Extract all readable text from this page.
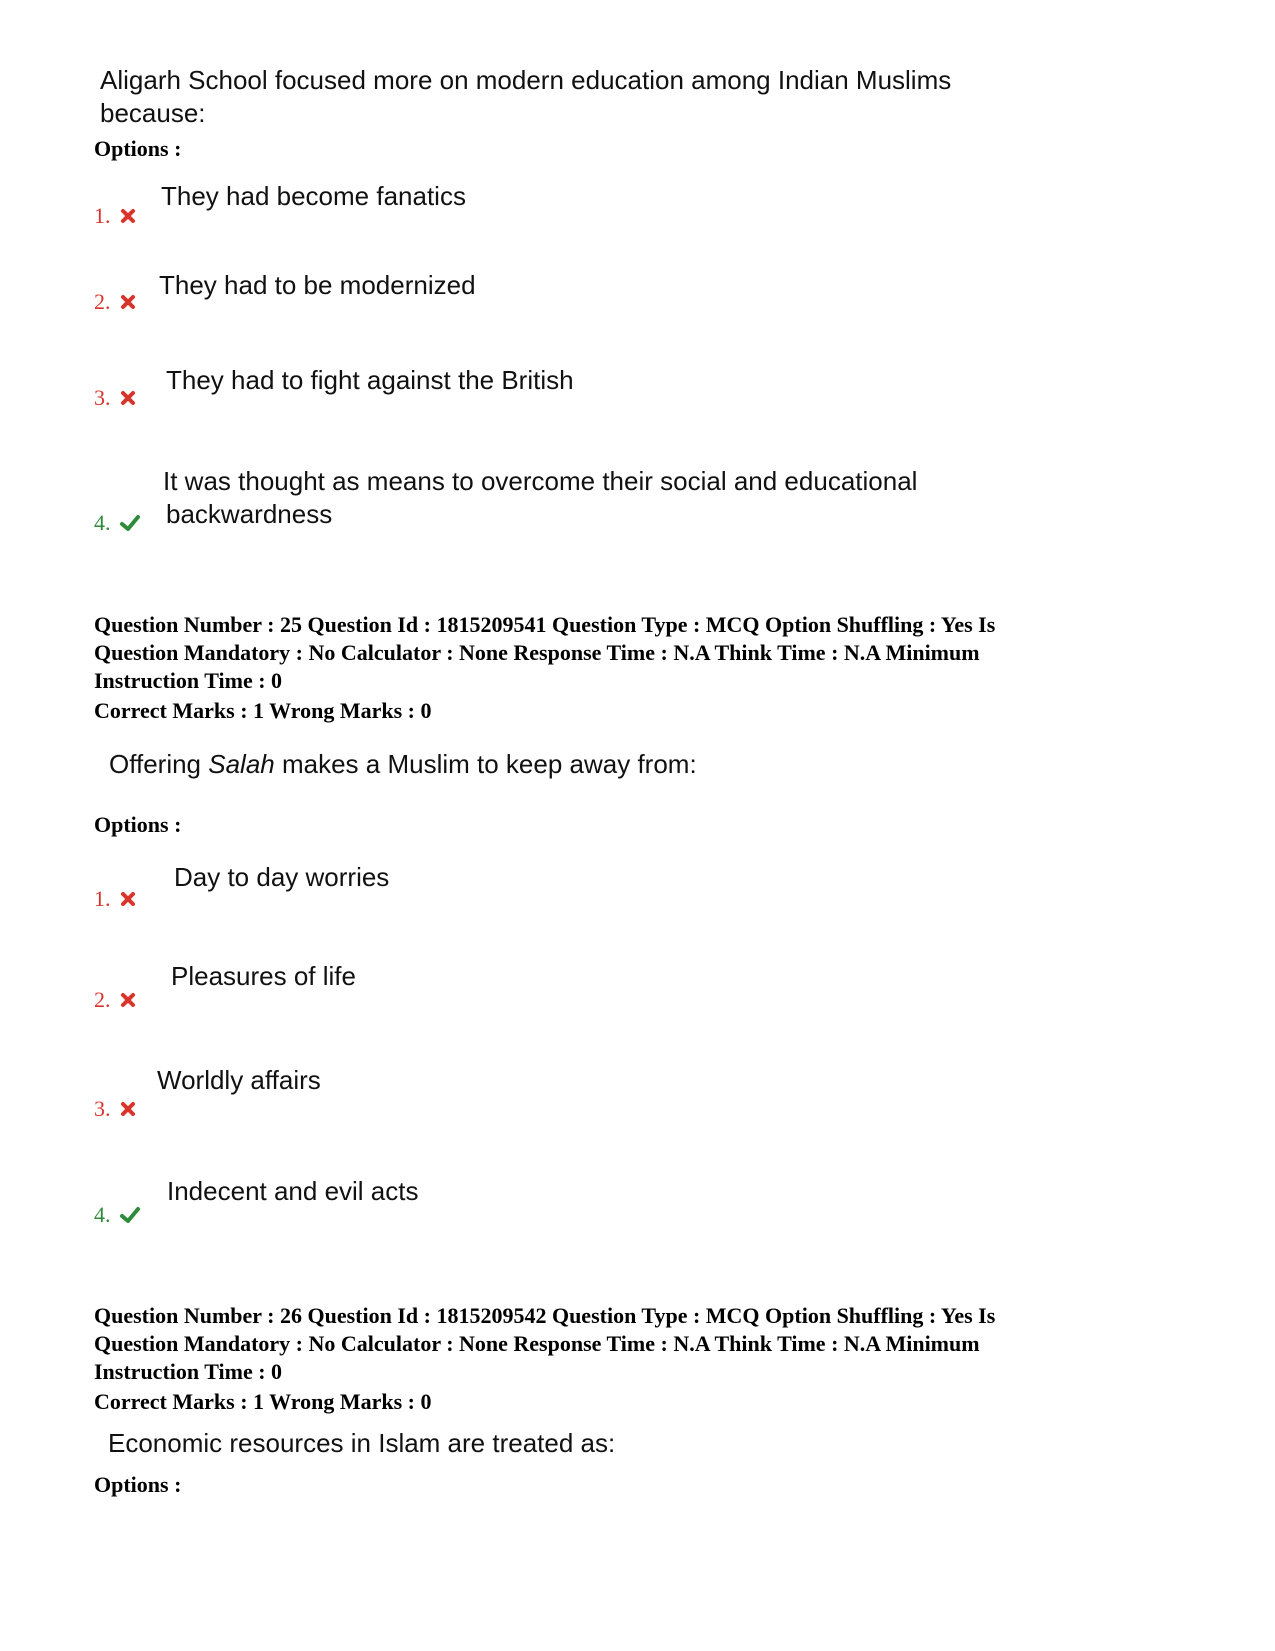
Aligarh School focused more on modern education among Indian Muslims
because:
Options :
They had become fanatics
1.
They had to be modernized
2.
They had to fight against the British
3.
It was thought as means to overcome their social and educational
backwardness
4.
Question Number : 25 Question Id : 1815209541 Question Type : MCQ Option Shuffling : Yes Is
Question Mandatory : No Calculator : None Response Time : N.A Think Time : N.A Minimum
Instruction Time : 0
Correct Marks : 1 Wrong Marks : 0
Offering Salah makes a Muslim to keep away from:
Options :
Day to day worries
1.
Pleasures of life
2.
Worldly affairs
3.
Indecent and evil acts
4.
Question Number : 26 Question Id : 1815209542 Question Type : MCQ Option Shuffling : Yes Is
Question Mandatory : No Calculator : None Response Time : N.A Think Time : N.A Minimum
Instruction Time : 0
Correct Marks : 1 Wrong Marks : 0
Economic resources in Islam are treated as:
Options :
